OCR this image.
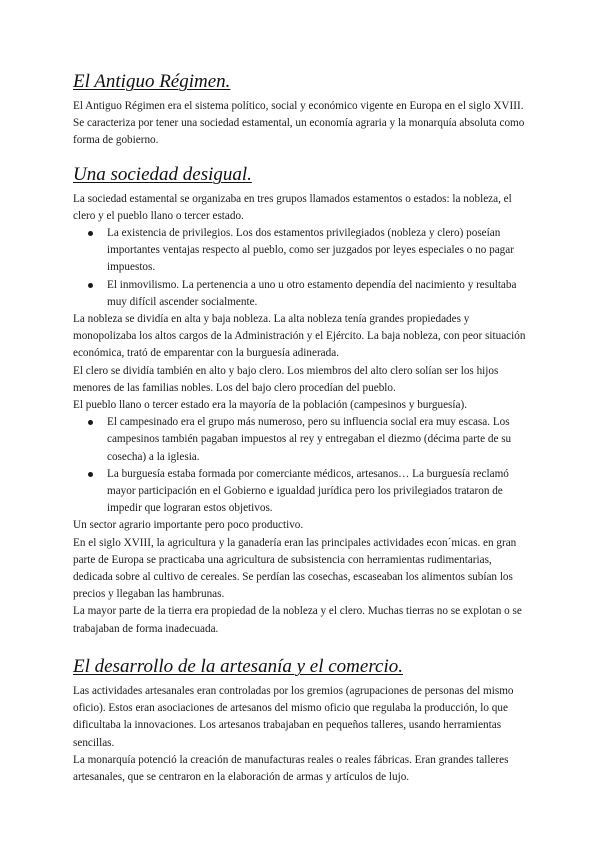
El Antiguo Régimen.

El Antiguo Régimen era el sistema político, social y económico vigente en Europa en el siglo XVIII. Se caracteriza por tener una sociedad estamental, un economía agraria y la monarquía absoluta como forma de gobierno.

Una sociedad desigual.

La sociedad estamental se organizaba en tres grupos llamados estamentos o estados: la nobleza, el clero y el pueblo llano o tercer estado.

La existencia de privilegios. Los dos estamentos privilegiados (nobleza y clero) poseían importantes ventajas respecto al pueblo, como ser juzgados por leyes especiales o no pagar impuestos.
El inmovilismo. La pertenencia a uno u otro estamento dependía del nacimiento y resultaba muy difícil ascender socialmente.

La nobleza se dividía en alta y baja nobleza. La alta nobleza tenía grandes propiedades y monopolizaba los altos cargos de la Administración y el Ejército. La baja nobleza, con peor situación económica, trató de emparentar con la burguesía adinerada.

El clero se dividía también en alto y bajo clero. Los miembros del alto clero solían ser los hijos menores de las familias nobles. Los del bajo clero procedían del pueblo.

El pueblo llano o tercer estado era la mayoría de la población (campesinos y burguesía).

El campesinado era el grupo más numeroso, pero su influencia social era muy escasa. Los campesinos también pagaban impuestos al rey y entregaban el diezmo (décima parte de su cosecha) a la iglesia.
La burguesía estaba formada por comerciante médicos, artesanos… La burguesía reclamó mayor participación en el Gobierno e igualdad jurídica pero los privilegiados trataron de impedir que lograran estos objetivos.

Un sector agrario importante pero poco productivo.

En el siglo XVIII, la agricultura y la ganadería eran las principales actividades econ´micas. en gran parte de Europa se practicaba una agricultura de subsistencia con herramientas rudimentarias, dedicada sobre al cultivo de cereales. Se perdían las cosechas, escaseaban los alimentos subían los precios y llegaban las hambrunas.

La mayor parte de la tierra era propiedad de la nobleza y el clero. Muchas tierras no se explotan o se trabajaban de forma inadecuada.

El desarrollo de la artesanía y el comercio.

Las actividades artesanales eran controladas por los gremios (agrupaciones de personas del mismo oficio). Estos eran asociaciones de artesanos del mismo oficio que regulaba la producción, lo que dificultaba la innovaciones. Los artesanos trabajaban en pequeños talleres, usando herramientas sencillas.

La monarquía potenció la creación de manufacturas reales o reales fábricas. Eran grandes talleres artesanales, que se centraron en la elaboración de armas y artículos de lujo.
